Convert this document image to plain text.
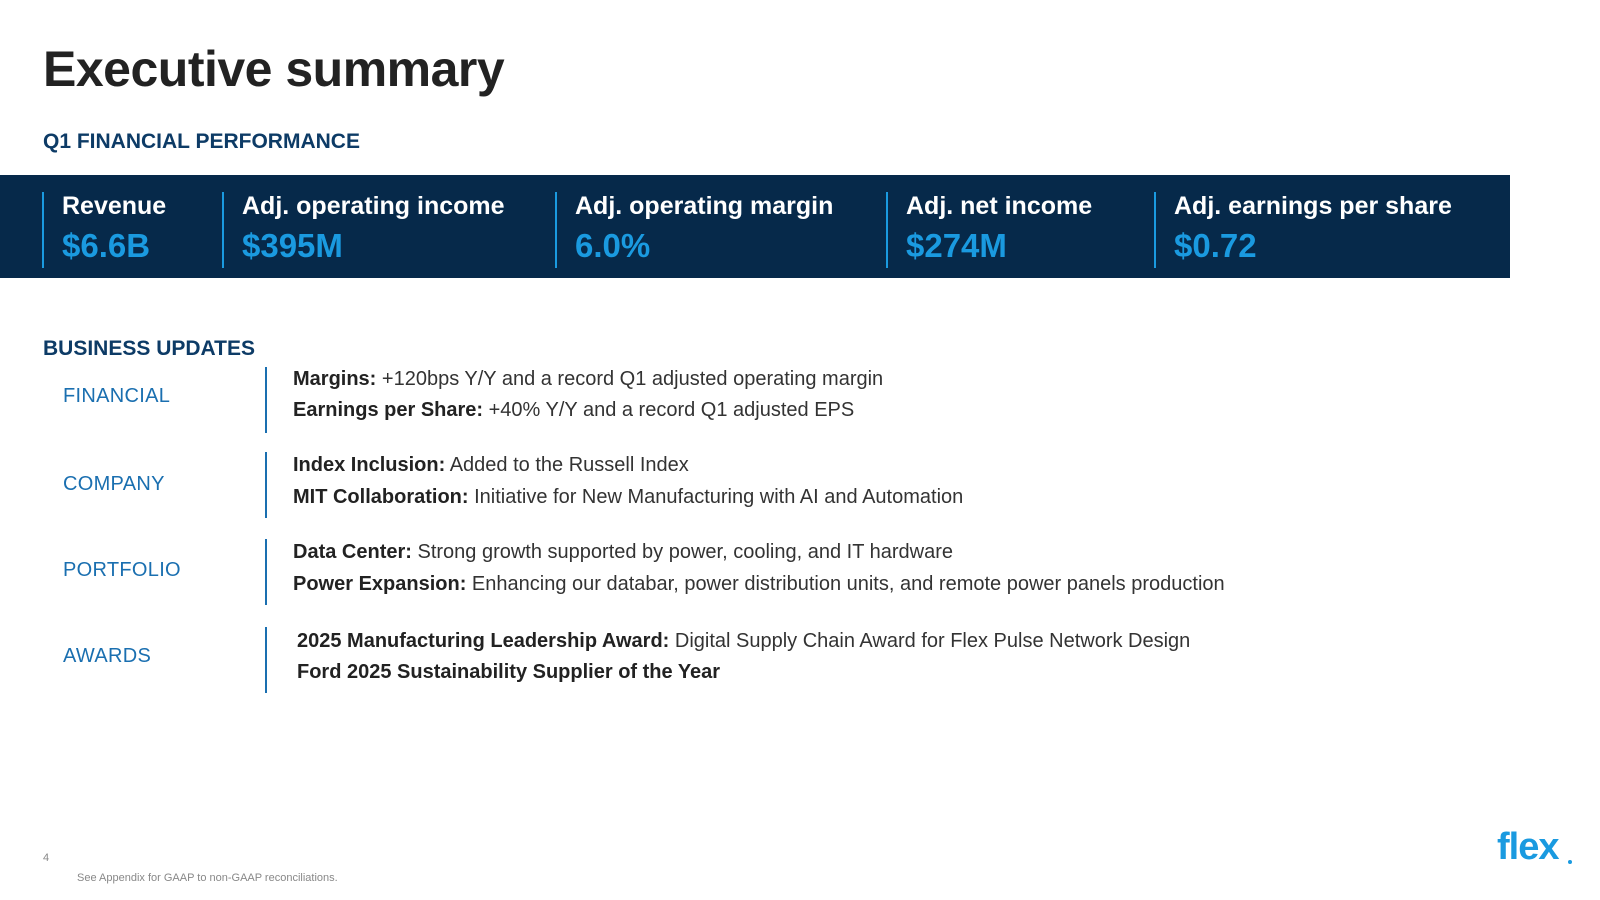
Executive summary
Q1 FINANCIAL PERFORMANCE
Revenue
$6.6B
Adj. operating income
$395M
Adj. operating margin
6.0%
Adj. net income
$274M
Adj. earnings per share
$0.72
BUSINESS UPDATES
FINANCIAL
Margins: +120bps Y/Y and a record Q1 adjusted operating margin
Earnings per Share: +40% Y/Y and a record Q1 adjusted EPS
COMPANY
Index Inclusion: Added to the Russell Index
MIT Collaboration: Initiative for New Manufacturing with AI and Automation
PORTFOLIO
Data Center: Strong growth supported by power, cooling, and IT hardware
Power Expansion: Enhancing our databar, power distribution units, and remote power panels production
AWARDS
2025 Manufacturing Leadership Award: Digital Supply Chain Award for Flex Pulse Network Design
Ford 2025 Sustainability Supplier of the Year
4
See Appendix for GAAP to non-GAAP reconciliations.
flex
